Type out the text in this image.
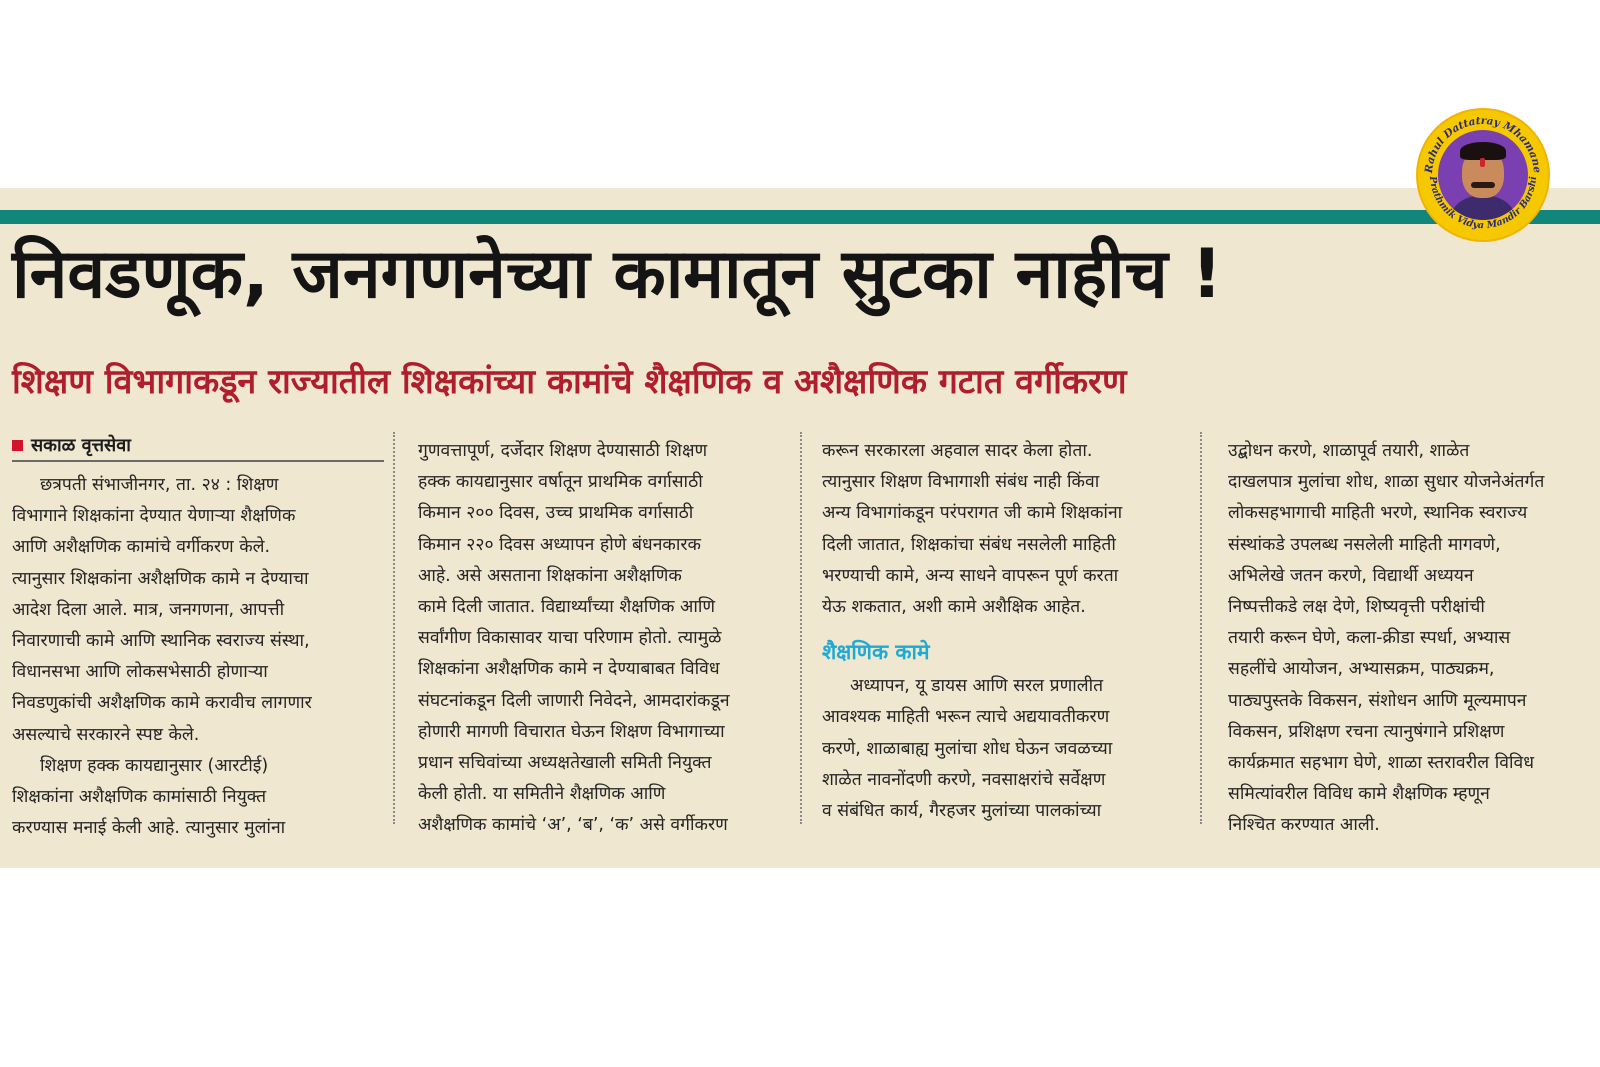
निवडणूक, जनगणनेच्या कामातून सुटका नाहीच !
शिक्षण विभागाकडून राज्यातील शिक्षकांच्या कामांचे शैक्षणिक व अशैक्षणिक गटात वर्गीकरण
सकाळ वृत्तसेवा
छत्रपती संभाजीनगर, ता. २४ : शिक्षण
विभागाने शिक्षकांना देण्यात येणाऱ्या शैक्षणिक
आणि अशैक्षणिक कामांचे वर्गीकरण केले.
त्यानुसार शिक्षकांना अशैक्षणिक कामे न देण्याचा
आदेश दिला आले. मात्र, जनगणना, आपत्ती
निवारणाची कामे आणि स्थानिक स्वराज्य संस्था,
विधानसभा आणि लोकसभेसाठी होणाऱ्या
निवडणुकांची अशैक्षणिक कामे करावीच लागणार
असल्याचे सरकारने स्पष्ट केले.
शिक्षण हक्क कायद्यानुसार (आरटीई)
शिक्षकांना अशैक्षणिक कामांसाठी नियुक्त
करण्यास मनाई केली आहे. त्यानुसार मुलांना
गुणवत्तापूर्ण, दर्जेदार शिक्षण देण्यासाठी शिक्षण
हक्क कायद्यानुसार वर्षातून प्राथमिक वर्गासाठी
किमान २०० दिवस, उच्च प्राथमिक वर्गासाठी
किमान २२० दिवस अध्यापन होणे बंधनकारक
आहे. असे असताना शिक्षकांना अशैक्षणिक
कामे दिली जातात. विद्यार्थ्यांच्या शैक्षणिक आणि
सर्वांगीण विकासावर याचा परिणाम होतो. त्यामुळे
शिक्षकांना अशैक्षणिक कामे न देण्याबाबत विविध
संघटनांकडून दिली जाणारी निवेदने, आमदारांकडून
होणारी मागणी विचारात घेऊन शिक्षण विभागाच्या
प्रधान सचिवांच्या अध्यक्षतेखाली समिती नियुक्त
केली होती. या समितीने शैक्षणिक आणि
अशैक्षणिक कामांचे ‘अ’, ‘ब’, ‘क’ असे वर्गीकरण
करून सरकारला अहवाल सादर केला होता.
त्यानुसार शिक्षण विभागाशी संबंध नाही किंवा
अन्य विभागांकडून परंपरागत जी कामे शिक्षकांना
दिली जातात, शिक्षकांचा संबंध नसलेली माहिती
भरण्याची कामे, अन्य साधने वापरून पूर्ण करता
येऊ शकतात, अशी कामे अशैक्षिक आहेत.
शैक्षणिक कामे
अध्यापन, यू डायस आणि सरल प्रणालीत
आवश्यक माहिती भरून त्याचे अद्ययावतीकरण
करणे, शाळाबाह्य मुलांचा शोध घेऊन जवळच्या
शाळेत नावनोंदणी करणे, नवसाक्षरांचे सर्वेक्षण
व संबंधित कार्य, गैरहजर मुलांच्या पालकांच्या
उद्बोधन करणे, शाळापूर्व तयारी, शाळेत
दाखलपात्र मुलांचा शोध, शाळा सुधार योजनेअंतर्गत
लोकसहभागाची माहिती भरणे, स्थानिक स्वराज्य
संस्थांकडे उपलब्ध नसलेली माहिती मागवणे,
अभिलेखे जतन करणे, विद्यार्थी अध्ययन
निष्पत्तीकडे लक्ष देणे, शिष्यवृत्ती परीक्षांची
तयारी करून घेणे, कला-क्रीडा स्पर्धा, अभ्यास
सहलींचे आयोजन, अभ्यासक्रम, पाठ्यक्रम,
पाठ्यपुस्तके विकसन, संशोधन आणि मूल्यमापन
विकसन, प्रशिक्षण रचना त्यानुषंगाने प्रशिक्षण
कार्यक्रमात सहभाग घेणे, शाळा स्तरावरील विविध
समित्यांवरील विविध कामे शैक्षणिक म्हणून
निश्चित करण्यात आली.
Rahul Dattatray Mhamane
Prathmik Vidya Mandir Barshi
